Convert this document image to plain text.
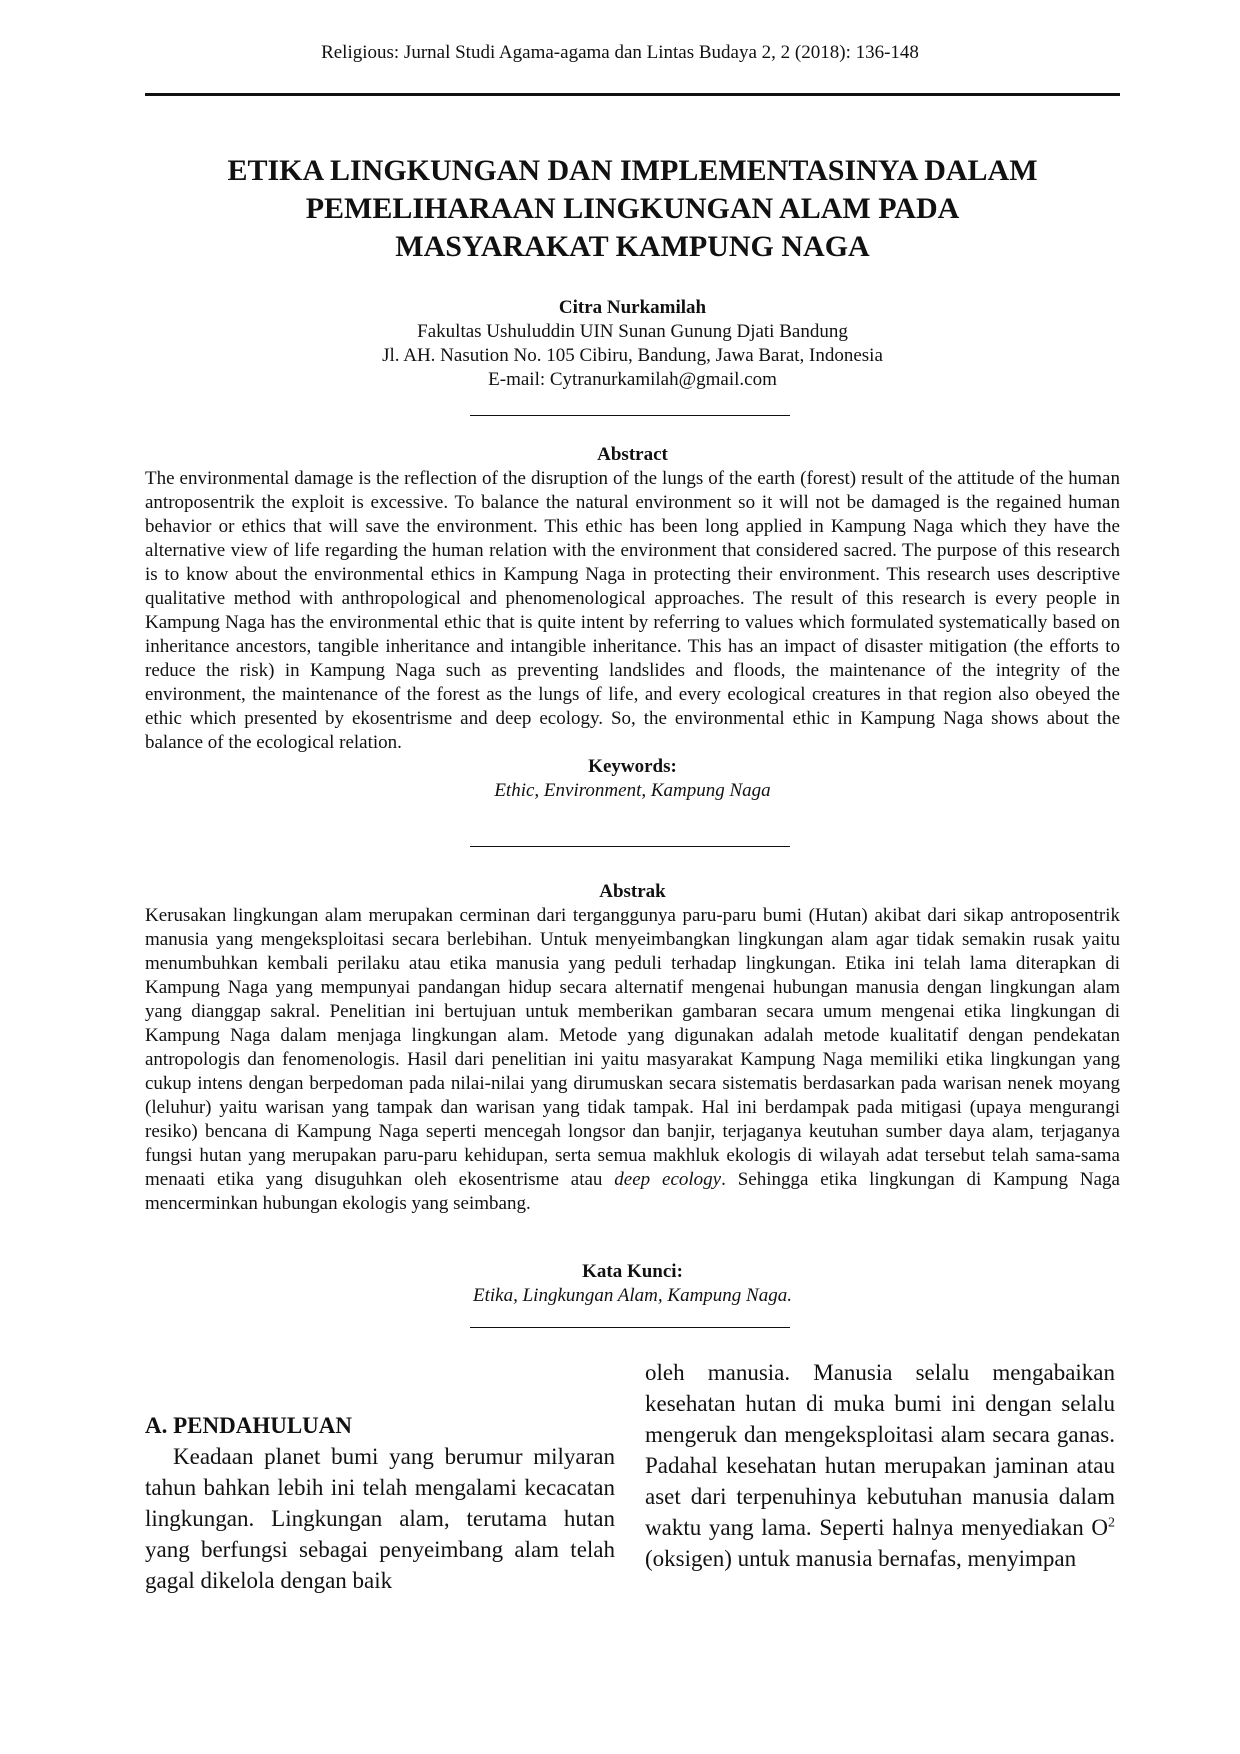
Religious: Jurnal Studi Agama-agama dan Lintas Budaya 2, 2 (2018): 136-148
ETIKA LINGKUNGAN DAN IMPLEMENTASINYA DALAM
PEMELIHARAAN LINGKUNGAN ALAM PADA
MASYARAKAT KAMPUNG NAGA
Citra Nurkamilah
Fakultas Ushuluddin UIN Sunan Gunung Djati Bandung
Jl. AH. Nasution No. 105 Cibiru, Bandung, Jawa Barat, Indonesia
E-mail: Cytranurkamilah@gmail.com

Abstract

The environmental damage is the reflection of the disruption of the lungs of the earth (forest) result of the attitude of the human antroposentrik the exploit is excessive. To balance the natural environment so it will not be damaged is the regained human behavior or ethics that will save the environment. This ethic has been long applied in Kampung Naga which they have the alternative view of life regarding the human relation with the environment that considered sacred. The purpose of this research is to know about the environmental ethics in Kampung Naga in protecting their environment. This research uses descriptive qualitative method with anthropological and phenomenological approaches. The result of this research is every people in Kampung Naga has the environmental ethic that is quite intent by referring to values which formulated systematically based on inheritance ancestors, tangible inheritance and intangible inheritance. This has an impact of disaster mitigation (the efforts to reduce the risk) in Kampung Naga such as preventing landslides and floods, the maintenance of the integrity of the environment, the maintenance of the forest as the lungs of life, and every ecological creatures in that region also obeyed the ethic which presented by ekosentrisme and deep ecology. So, the environmental ethic in Kampung Naga shows about the balance of the ecological relation.

Keywords:

Ethic, Environment, Kampung Naga

Abstrak

Kerusakan lingkungan alam merupakan cerminan dari terganggunya paru-paru bumi (Hutan) akibat dari sikap antroposentrik manusia yang mengeksploitasi secara berlebihan. Untuk menyeimbangkan lingkungan alam agar tidak semakin rusak yaitu menumbuhkan kembali perilaku atau etika manusia yang peduli terhadap lingkungan. Etika ini telah lama diterapkan di Kampung Naga yang mempunyai pandangan hidup secara alternatif mengenai hubungan manusia dengan lingkungan alam yang dianggap sakral. Penelitian ini bertujuan untuk memberikan gambaran secara umum mengenai etika lingkungan di Kampung Naga dalam menjaga lingkungan alam. Metode yang digunakan adalah metode kualitatif dengan pendekatan antropologis dan fenomenologis. Hasil dari penelitian ini yaitu masyarakat Kampung Naga memiliki etika lingkungan yang cukup intens dengan berpedoman pada nilai-nilai yang dirumuskan secara sistematis berdasarkan pada warisan nenek moyang (leluhur) yaitu warisan yang tampak dan warisan yang tidak tampak. Hal ini berdampak pada mitigasi (upaya mengurangi resiko) bencana di Kampung Naga seperti mencegah longsor dan banjir, terjaganya keutuhan sumber daya alam, terjaganya fungsi hutan yang merupakan paru-paru kehidupan, serta semua makhluk ekologis di wilayah adat tersebut telah sama-sama menaati etika yang disuguhkan oleh ekosentrisme atau deep ecology. Sehingga etika lingkungan di Kampung Naga mencerminkan hubungan ekologis yang seimbang.

Kata Kunci:

Etika, Lingkungan Alam, Kampung Naga.

A. PENDAHULUAN

Keadaan planet bumi yang berumur milyaran tahun bahkan lebih ini telah mengalami kecacatan lingkungan. Lingkungan alam, terutama hutan yang berfungsi sebagai penyeimbang alam telah gagal dikelola dengan baik

oleh manusia. Manusia selalu mengabaikan kesehatan hutan di muka bumi ini dengan selalu mengeruk dan mengeksploitasi alam secara ganas. Padahal kesehatan hutan merupakan jaminan atau aset dari terpenuhinya kebutuhan manusia dalam waktu yang lama. Seperti halnya menyediakan $O^2$ (oksigen) untuk manusia bernafas, menyimpan
